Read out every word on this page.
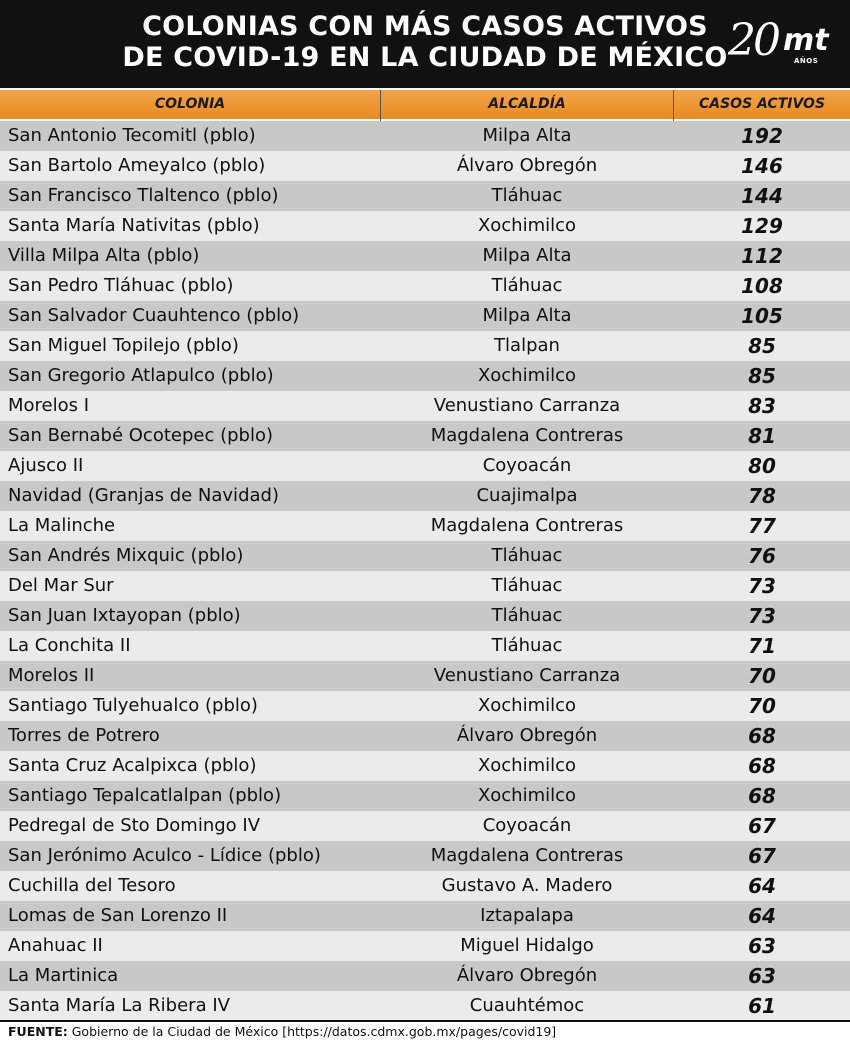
COLONIAS CON MÁS CASOS ACTIVOS
DE COVID-19 EN LA CIUDAD DE MÉXICO 20 mt
AÑOS
COLONIA	ALCALDÍA	CASOS ACTIVOS
San Antonio Tecomitl (pblo)	Milpa Alta	192
San Bartolo Ameyalco (pblo)	Álvaro Obregón	146
San Francisco Tlaltenco (pblo)	Tláhuac	144
Santa María Nativitas (pblo)	Xochimilco	129
Villa Milpa Alta (pblo)	Milpa Alta	112
San Pedro Tláhuac (pblo)	Tláhuac	108
San Salvador Cuauhtenco (pblo)	Milpa Alta	105
San Miguel Topilejo (pblo)	Tlalpan	85
San Gregorio Atlapulco (pblo)	Xochimilco	85
Morelos I	Venustiano Carranza	83
San Bernabé Ocotepec (pblo)	Magdalena Contreras	81
Ajusco II	Coyoacán	80
Navidad (Granjas de Navidad)	Cuajimalpa	78
La Malinche	Magdalena Contreras	77
San Andrés Mixquic (pblo)	Tláhuac	76
Del Mar Sur	Tláhuac	73
San Juan Ixtayopan (pblo)	Tláhuac	73
La Conchita II	Tláhuac	71
Morelos II	Venustiano Carranza	70
Santiago Tulyehualco (pblo)	Xochimilco	70
Torres de Potrero	Álvaro Obregón	68
Santa Cruz Acalpixca (pblo)	Xochimilco	68
Santiago Tepalcatlalpan (pblo)	Xochimilco	68
Pedregal de Sto Domingo IV	Coyoacán	67
San Jerónimo Aculco - Lídice (pblo)	Magdalena Contreras	67
Cuchilla del Tesoro	Gustavo A. Madero	64
Lomas de San Lorenzo II	Iztapalapa	64
Anahuac II	Miguel Hidalgo	63
La Martinica	Álvaro Obregón	63
Santa María La Ribera IV	Cuauhtémoc	61
FUENTE: Gobierno de la Ciudad de México [https://datos.cdmx.gob.mx/pages/covid19]
